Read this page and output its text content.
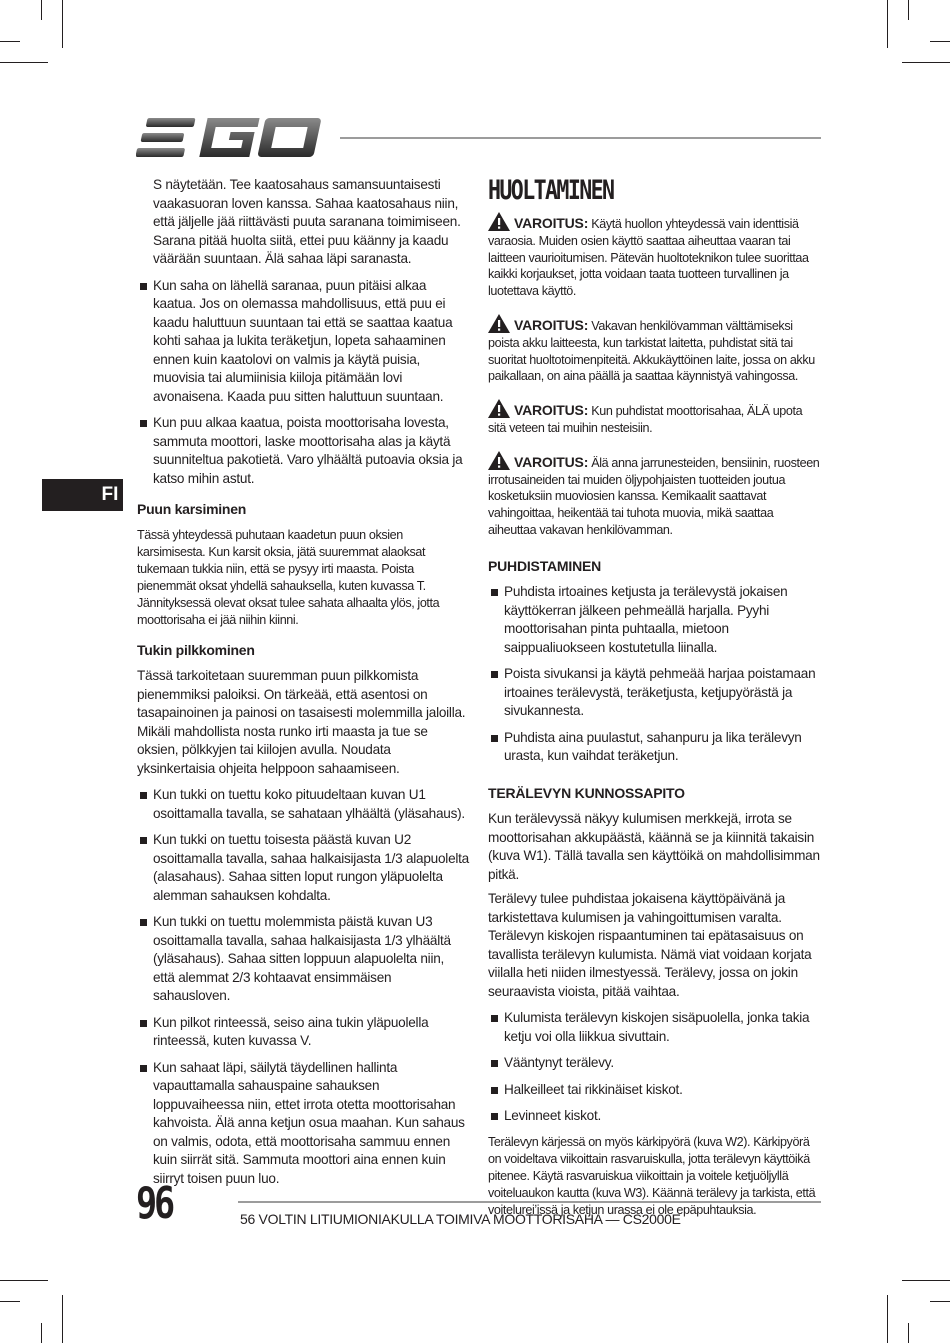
FI

S näytetään. Tee kaatosahaus samansuuntaisesti vaakasuoran loven kanssa. Sahaa kaatosahaus niin, että jäljelle jää riittävästi puuta saranana toimimiseen. Sarana pitää huolta siitä, ettei puu käänny ja kaadu väärään suuntaan. Älä sahaa läpi saranasta.

Kun saha on lähellä saranaa, puun pitäisi alkaa kaatua. Jos on olemassa mahdollisuus, että puu ei kaadu haluttuun suuntaan tai että se saattaa kaatua kohti sahaa ja lukita teräketjun, lopeta sahaaminen ennen kuin kaatolovi on valmis ja käytä puisia, muovisia tai alumiinisia kiiloja pitämään lovi avonaisena. Kaada puu sitten haluttuun suuntaan.
Kun puu alkaa kaatua, poista moottorisaha lovesta, sammuta moottori, laske moottorisaha alas ja käytä suunniteltua pakotietä. Varo ylhäältä putoavia oksia ja katso mihin astut.
Puun karsiminen

Tässä yhteydessä puhutaan kaadetun puun oksien karsimisesta. Kun karsit oksia, jätä suuremmat alaoksat tukemaan tukkia niin, että se pysyy irti maasta. Poista pienemmät oksat yhdellä sahauksella, kuten kuvassa T. Jännityksessä olevat oksat tulee sahata alhaalta ylös, jotta moottorisaha ei jää niihin kiinni.

Tukin pilkkominen

Tässä tarkoitetaan suuremman puun pilkkomista pienemmiksi paloiksi. On tärkeää, että asentosi on tasapainoinen ja painosi on tasaisesti molemmilla jaloilla. Mikäli mahdollista nosta runko irti maasta ja tue se oksien, pölkkyjen tai kiilojen avulla. Noudata yksinkertaisia ohjeita helppoon sahaamiseen.

Kun tukki on tuettu koko pituudeltaan kuvan U1 osoittamalla tavalla, se sahataan ylhäältä (yläsahaus).
Kun tukki on tuettu toisesta päästä kuvan U2 osoittamalla tavalla, sahaa halkaisijasta 1/3 alapuolelta (alasahaus). Sahaa sitten loput rungon yläpuolelta alemman sahauksen kohdalta.
Kun tukki on tuettu molemmista päistä kuvan U3 osoittamalla tavalla, sahaa halkaisijasta 1/3 ylhäältä (yläsahaus). Sahaa sitten loppuun alapuolelta niin, että alemmat 2/3 kohtaavat ensimmäisen sahausloven.
Kun pilkot rinteessä, seiso aina tukin yläpuolella rinteessä, kuten kuvassa V.
Kun sahaat läpi, säilytä täydellinen hallinta vapauttamalla sahauspaine sahauksen loppuvaiheessa niin, ettet irrota otetta moottorisahan kahvoista. Älä anna ketjun osua maahan. Kun sahaus on valmis, odota, että moottorisaha sammuu ennen kuin siirrät sitä. Sammuta moottori aina ennen kuin siirryt toisen puun luo.
HUOLTAMINEN

VAROITUS: Käytä huollon yhteydessä vain identtisiä varaosia. Muiden osien käyttö saattaa aiheuttaa vaaran tai laitteen vaurioitumisen. Pätevän huoltoteknikon tulee suorittaa kaikki korjaukset, jotta voidaan taata tuotteen turvallinen ja luotettava käyttö.

VAROITUS: Vakavan henkilövamman välttämiseksi poista akku laitteesta, kun tarkistat laitetta, puhdistat sitä tai suoritat huoltotoimenpiteitä. Akkukäyttöinen laite, jossa on akku paikallaan, on aina päällä ja saattaa käynnistyä vahingossa.

VAROITUS: Kun puhdistat moottorisahaa, ÄLÄ upota sitä veteen tai muihin nesteisiin.

VAROITUS: Älä anna jarrunesteiden, bensiinin, ruosteen irrotusaineiden tai muiden öljypohjaisten tuotteiden joutua kosketuksiin muoviosien kanssa. Kemikaalit saattavat vahingoittaa, heikentää tai tuhota muovia, mikä saattaa aiheuttaa vakavan henkilövamman.

PUHDISTAMINEN
Puhdista irtoaines ketjusta ja terälevystä jokaisen käyttökerran jälkeen pehmeällä harjalla. Pyyhi moottorisahan pinta puhtaalla, mietoon saippualiuokseen kostutetulla liinalla.
Poista sivukansi ja käytä pehmeää harjaa poistamaan irtoaines terälevystä, teräketjusta, ketjupyörästä ja sivukannesta.
Puhdista aina puulastut, sahanpuru ja lika terälevyn urasta, kun vaihdat teräketjun.
TERÄLEVYN KUNNOSSAPITO

Kun terälevyssä näkyy kulumisen merkkejä, irrota se moottorisahan akkupäästä, käännä se ja kiinnitä takaisin (kuva W1). Tällä tavalla sen käyttöikä on mahdollisimman pitkä.

Terälevy tulee puhdistaa jokaisena käyttöpäivänä ja tarkistettava kulumisen ja vahingoittumisen varalta. Terälevyn kiskojen rispaantuminen tai epätasaisuus on tavallista terälevyn kulumista. Nämä viat voidaan korjata viilalla heti niiden ilmestyessä. Terälevy, jossa on jokin seuraavista vioista, pitää vaihtaa.

Kulumista terälevyn kiskojen sisäpuolella, jonka takia ketju voi olla liikkua sivuttain.
Vääntynyt terälevy.
Halkeilleet tai rikkinäiset kiskot.
Levinneet kiskot.

Terälevyn kärjessä on myös kärkipyörä (kuva W2). Kärkipyörä on voideltava viikoittain rasvaruiskulla, jotta terälevyn käyttöikä pitenee. Käytä rasvaruiskua viikoittain ja voitele ketjuöljyllä voiteluaukon kautta (kuva W3). Käännä terälevy ja tarkista, että voitelureiʼissä ja ketjun urassa ei ole epäpuhtauksia.

96	56 VOLTIN LITIUMIONIAKULLA TOIMIVA MOOTTORISAHA — CS2000E
